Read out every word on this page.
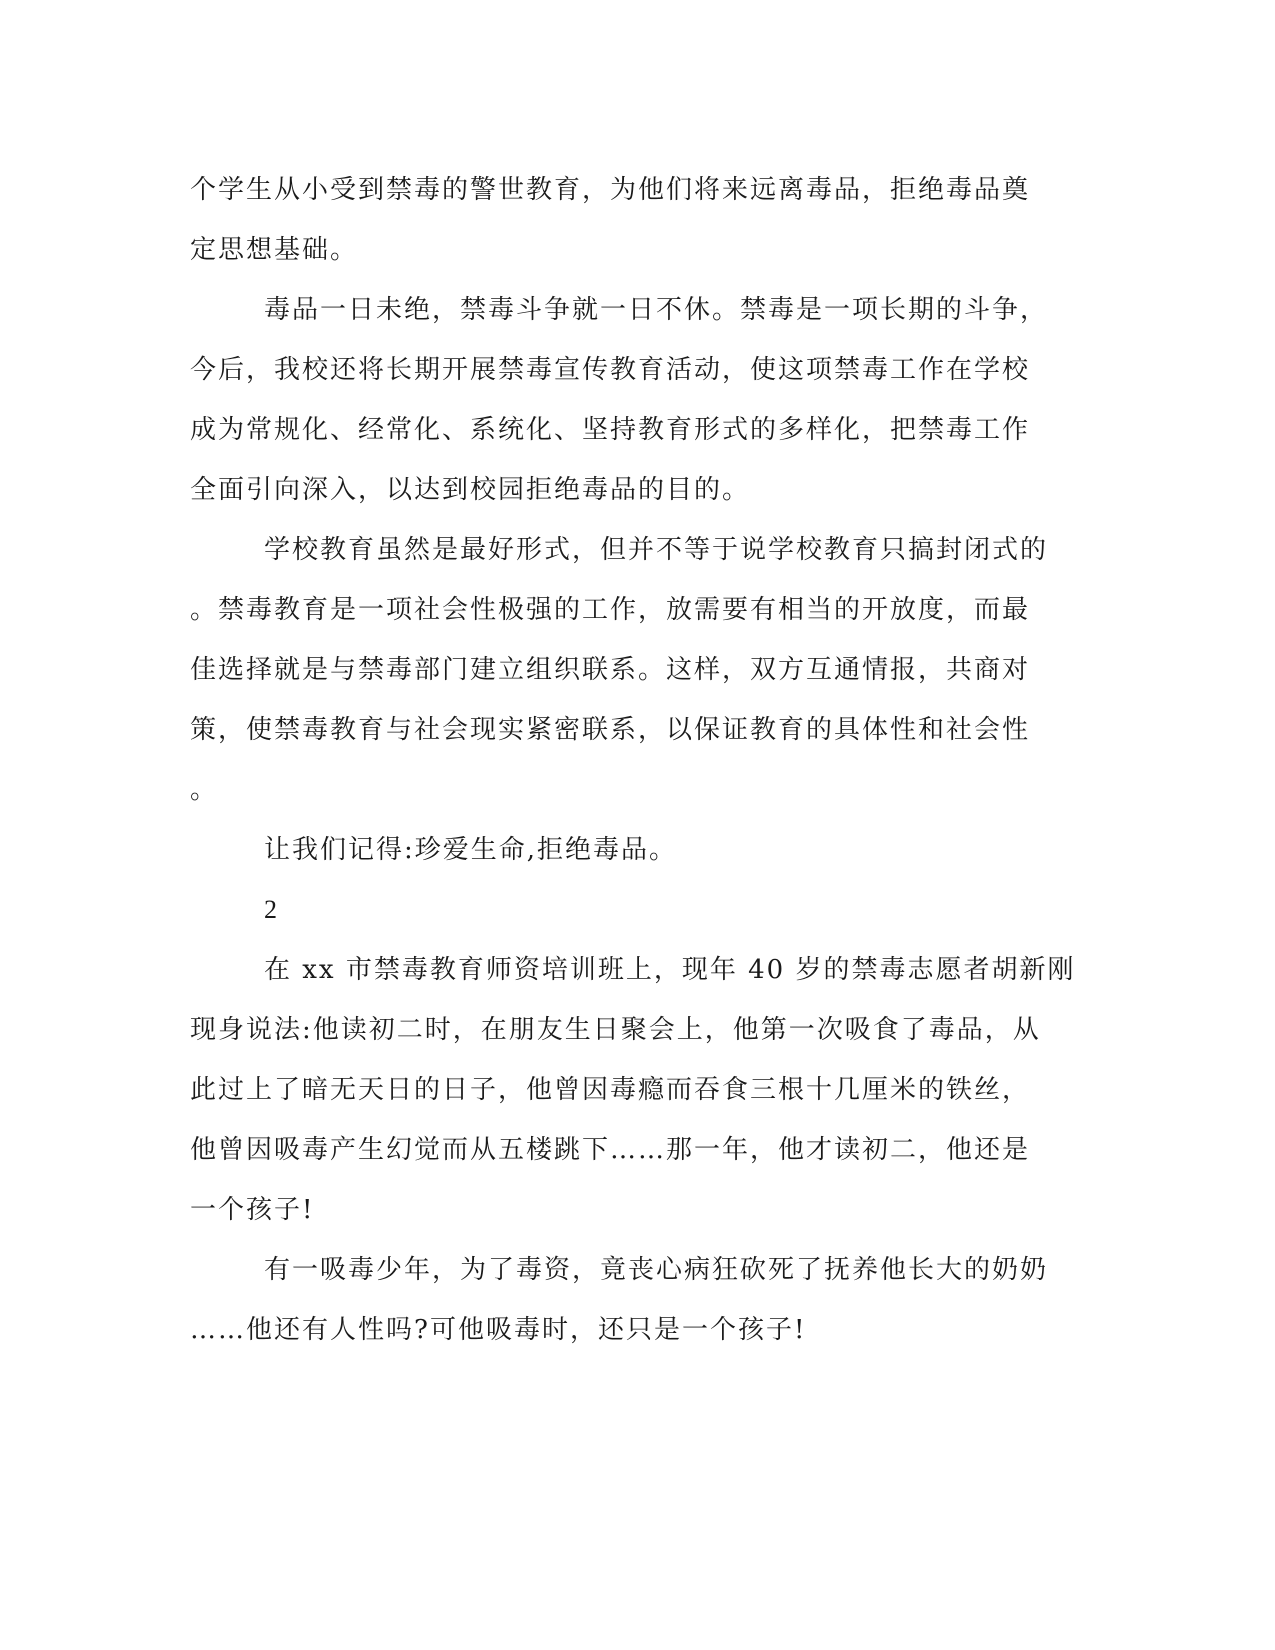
个学生从小受到禁毒的警世教育，为他们将来远离毒品，拒绝毒品奠
定思想基础。
毒品一日未绝，禁毒斗争就一日不休。禁毒是一项长期的斗争，
今后，我校还将长期开展禁毒宣传教育活动，使这项禁毒工作在学校
成为常规化、经常化、系统化、坚持教育形式的多样化，把禁毒工作
全面引向深入，以达到校园拒绝毒品的目的。
学校教育虽然是最好形式，但并不等于说学校教育只搞封闭式的
。禁毒教育是一项社会性极强的工作，放需要有相当的开放度，而最
佳选择就是与禁毒部门建立组织联系。这样，双方互通情报，共商对
策，使禁毒教育与社会现实紧密联系，以保证教育的具体性和社会性
。
让我们记得:珍爱生命,拒绝毒品。
2
在 xx 市禁毒教育师资培训班上，现年 40 岁的禁毒志愿者胡新刚
现身说法:他读初二时，在朋友生日聚会上，他第一次吸食了毒品，从
此过上了暗无天日的日子，他曾因毒瘾而吞食三根十几厘米的铁丝，
他曾因吸毒产生幻觉而从五楼跳下……那一年，他才读初二，他还是
一个孩子!
有一吸毒少年，为了毒资，竟丧心病狂砍死了抚养他长大的奶奶
……他还有人性吗?可他吸毒时，还只是一个孩子!
